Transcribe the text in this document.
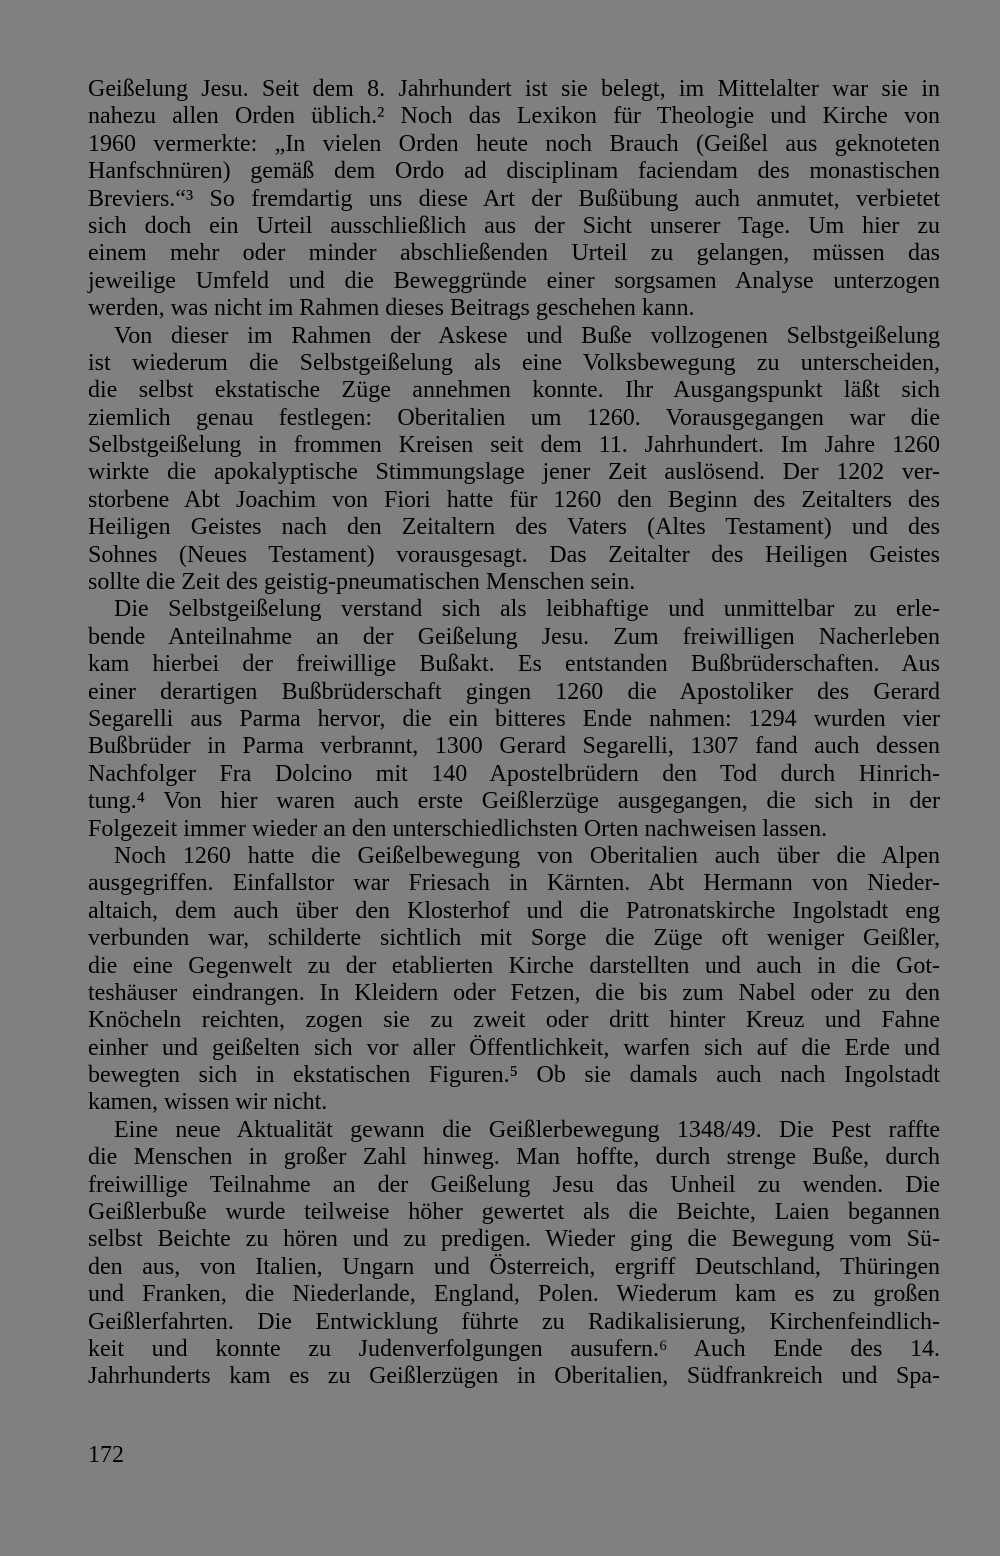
Geißelung Jesu. Seit dem 8. Jahrhundert ist sie belegt, im Mittelalter war sie in
nahezu allen Orden üblich.² Noch das Lexikon für Theologie und Kirche von
1960 vermerkte: „In vielen Orden heute noch Brauch (Geißel aus geknoteten
Hanfschnüren) gemäß dem Ordo ad disciplinam faciendam des monastischen
Breviers.“³ So fremdartig uns diese Art der Bußübung auch anmutet, verbietet
sich doch ein Urteil ausschließlich aus der Sicht unserer Tage. Um hier zu
einem mehr oder minder abschließenden Urteil zu gelangen, müssen das
jeweilige Umfeld und die Beweggründe einer sorgsamen Analyse unterzogen
werden, was nicht im Rahmen dieses Beitrags geschehen kann.
Von dieser im Rahmen der Askese und Buße vollzogenen Selbstgeißelung
ist wiederum die Selbstgeißelung als eine Volksbewegung zu unterscheiden,
die selbst ekstatische Züge annehmen konnte. Ihr Ausgangspunkt läßt sich
ziemlich genau festlegen: Oberitalien um 1260. Vorausgegangen war die
Selbstgeißelung in frommen Kreisen seit dem 11. Jahrhundert. Im Jahre 1260
wirkte die apokalyptische Stimmungslage jener Zeit auslösend. Der 1202 ver-
storbene Abt Joachim von Fiori hatte für 1260 den Beginn des Zeitalters des
Heiligen Geistes nach den Zeitaltern des Vaters (Altes Testament) und des
Sohnes (Neues Testament) vorausgesagt. Das Zeitalter des Heiligen Geistes
sollte die Zeit des geistig-pneumatischen Menschen sein.
Die Selbstgeißelung verstand sich als leibhaftige und unmittelbar zu erle-
bende Anteilnahme an der Geißelung Jesu. Zum freiwilligen Nacherleben
kam hierbei der freiwillige Bußakt. Es entstanden Bußbrüderschaften. Aus
einer derartigen Bußbrüderschaft gingen 1260 die Apostoliker des Gerard
Segarelli aus Parma hervor, die ein bitteres Ende nahmen: 1294 wurden vier
Bußbrüder in Parma verbrannt, 1300 Gerard Segarelli, 1307 fand auch dessen
Nachfolger Fra Dolcino mit 140 Apostelbrüdern den Tod durch Hinrich-
tung.⁴ Von hier waren auch erste Geißlerzüge ausgegangen, die sich in der
Folgezeit immer wieder an den unterschiedlichsten Orten nachweisen lassen.
Noch 1260 hatte die Geißelbewegung von Oberitalien auch über die Alpen
ausgegriffen. Einfallstor war Friesach in Kärnten. Abt Hermann von Nieder-
altaich, dem auch über den Klosterhof und die Patronatskirche Ingolstadt eng
verbunden war, schilderte sichtlich mit Sorge die Züge oft weniger Geißler,
die eine Gegenwelt zu der etablierten Kirche darstellten und auch in die Got-
teshäuser eindrangen. In Kleidern oder Fetzen, die bis zum Nabel oder zu den
Knöcheln reichten, zogen sie zu zweit oder dritt hinter Kreuz und Fahne
einher und geißelten sich vor aller Öffentlichkeit, warfen sich auf die Erde und
bewegten sich in ekstatischen Figuren.⁵ Ob sie damals auch nach Ingolstadt
kamen, wissen wir nicht.
Eine neue Aktualität gewann die Geißlerbewegung 1348/49. Die Pest raffte
die Menschen in großer Zahl hinweg. Man hoffte, durch strenge Buße, durch
freiwillige Teilnahme an der Geißelung Jesu das Unheil zu wenden. Die
Geißlerbuße wurde teilweise höher gewertet als die Beichte, Laien begannen
selbst Beichte zu hören und zu predigen. Wieder ging die Bewegung vom Sü-
den aus, von Italien, Ungarn und Österreich, ergriff Deutschland, Thüringen
und Franken, die Niederlande, England, Polen. Wiederum kam es zu großen
Geißlerfahrten. Die Entwicklung führte zu Radikalisierung, Kirchenfeindlich-
keit und konnte zu Judenverfolgungen ausufern.⁶ Auch Ende des 14.
Jahrhunderts kam es zu Geißlerzügen in Oberitalien, Südfrankreich und Spa-
172
